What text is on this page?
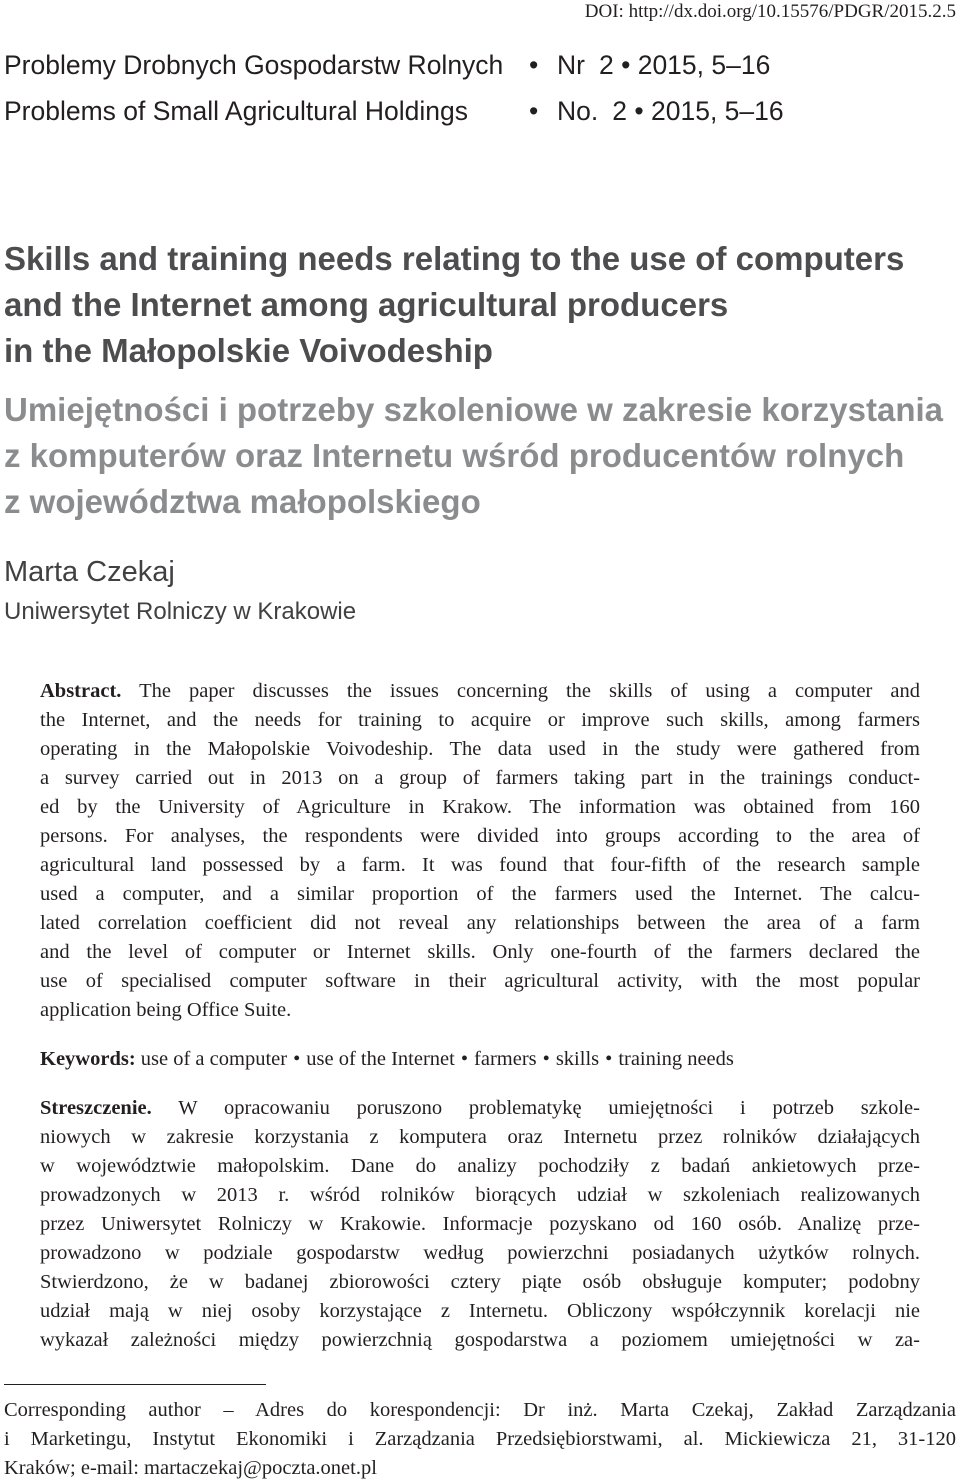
DOI: http://dx.doi.org/10.15576/PDGR/2015.2.5
Problemy Drobnych Gospodarstw Rolnych • Nr 2 • 2015, 5–16
Problems of Small Agricultural Holdings • No. 2 • 2015, 5–16
Skills and training needs relating to the use of computers
and the Internet among agricultural producers
in the Małopolskie Voivodeship
Umiejętności i potrzeby szkoleniowe w zakresie korzystania
z komputerów oraz Internetu wśród producentów rolnych
z województwa małopolskiego
Marta Czekaj
Uniwersytet Rolniczy w Krakowie
Abstract. The paper discusses the issues concerning the skills of using a computer and
the Internet, and the needs for training to acquire or improve such skills, among farmers
operating in the Małopolskie Voivodeship. The data used in the study were gathered from
a survey carried out in 2013 on a group of farmers taking part in the trainings conduct-
ed by the University of Agriculture in Krakow. The information was obtained from 160
persons. For analyses, the respondents were divided into groups according to the area of
agricultural land possessed by a farm. It was found that four-fifth of the research sample
used a computer, and a similar proportion of the farmers used the Internet. The calcu-
lated correlation coefficient did not reveal any relationships between the area of a farm
and the level of computer or Internet skills. Only one-fourth of the farmers declared the
use of specialised computer software in their agricultural activity, with the most popular
application being Office Suite.
Keywords: use of a computer • use of the Internet • farmers • skills • training needs
Streszczenie. W opracowaniu poruszono problematykę umiejętności i potrzeb szkole-
niowych w zakresie korzystania z komputera oraz Internetu przez rolników działających
w województwie małopolskim. Dane do analizy pochodziły z badań ankietowych prze-
prowadzonych w 2013 r. wśród rolników biorących udział w szkoleniach realizowanych
przez Uniwersytet Rolniczy w Krakowie. Informacje pozyskano od 160 osób. Analizę prze-
prowadzono w podziale gospodarstw według powierzchni posiadanych użytków rolnych.
Stwierdzono, że w badanej zbiorowości cztery piąte osób obsługuje komputer; podobny
udział mają w niej osoby korzystające z Internetu. Obliczony współczynnik korelacji nie
wykazał zależności między powierzchnią gospodarstwa a poziomem umiejętności w za-
Corresponding author – Adres do korespondencji: Dr inż. Marta Czekaj, Zakład Zarządzania
i Marketingu, Instytut Ekonomiki i Zarządzania Przedsiębiorstwami, al. Mickiewicza 21, 31-120
Kraków; e-mail: martaczekaj@poczta.onet.pl
